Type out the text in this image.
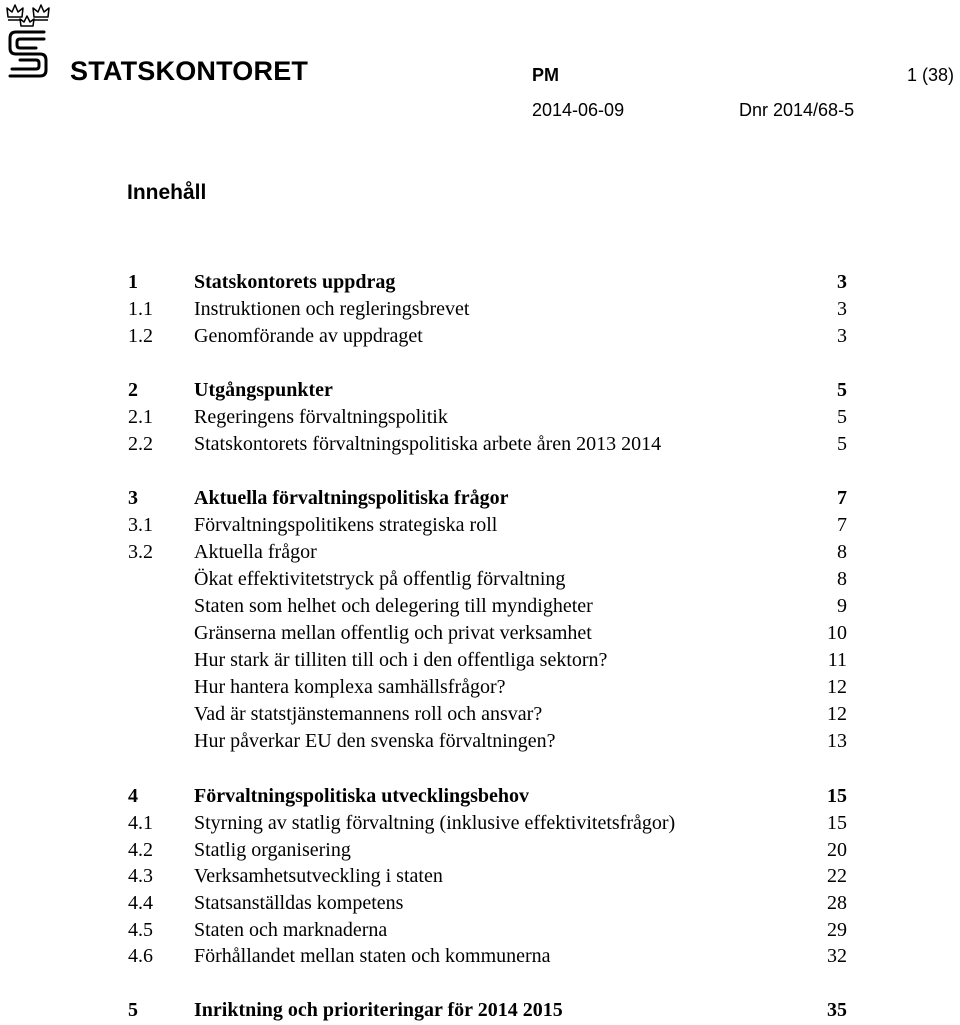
STATSKONTORET	PM	1 (38)
2014-06-09	Dnr 2014/68-5
Innehåll
1	Statskontorets uppdrag	3
1.1 Instruktionen och regleringsbrevet	3
1.2 Genomförande av uppdraget	3
2	Utgångspunkter	5
2.1 Regeringens förvaltningspolitik	5
2.2 Statskontorets förvaltningspolitiska arbete åren 2013 2014	5
3	Aktuella förvaltningspolitiska frågor	7
3.1 Förvaltningspolitikens strategiska roll	7
3.2 Aktuella frågor	8
Ökat effektivitetstryck på offentlig förvaltning	8
Staten som helhet och delegering till myndigheter	9
Gränserna mellan offentlig och privat verksamhet	10
Hur stark är tilliten till och i den offentliga sektorn?	11
Hur hantera komplexa samhällsfrågor?	12
Vad är statstjänstemannens roll och ansvar?	12
Hur påverkar EU den svenska förvaltningen?	13
4	Förvaltningspolitiska utvecklingsbehov	15
4.1 Styrning av statlig förvaltning (inklusive effektivitetsfrågor)	15
4.2 Statlig organisering	20
4.3 Verksamhetsutveckling i staten	22
4.4 Statsanställdas kompetens	28
4.5 Staten och marknaderna	29
4.6 Förhållandet mellan staten och kommunerna	32
5	Inriktning och prioriteringar för 2014 2015	35
